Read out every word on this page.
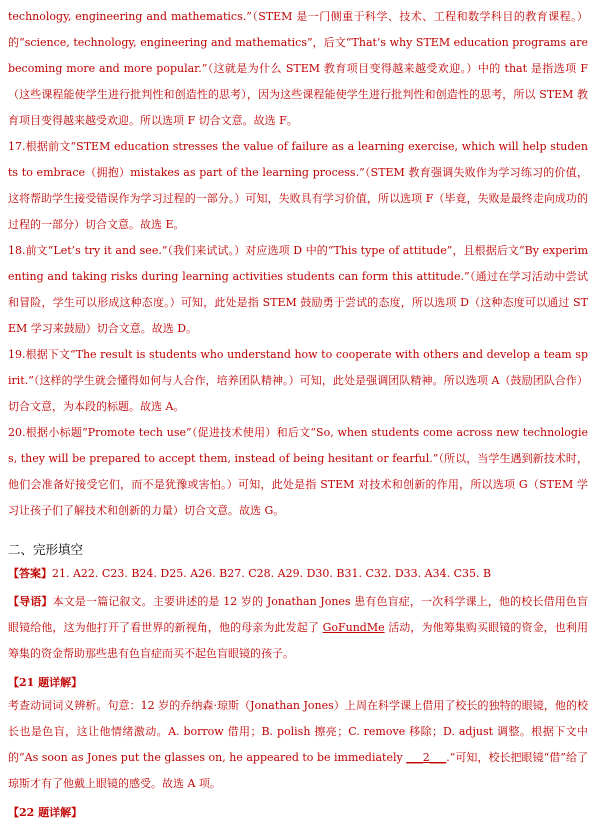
technology, engineering and mathematics.”（STEM 是一门侧重于科学、技术、工程和数学科目的教育课程。）的“science, technology, engineering and mathematics”，后文“That’s why STEM education programs are becoming more and more popular.”（这就是为什么 STEM 教育项目变得越来越受欢迎。）中的 that 是指选项 F（这些课程能使学生进行批判性和创造性的思考），因为这些课程能使学生进行批判性和创造性的思考，所以 STEM 教育项目变得越来越受欢迎。所以选项 F 切合文意。故选 F。
17.根据前文“STEM education stresses the value of failure as a learning exercise, which will help students to embrace（拥抱）mistakes as part of the learning process.”（STEM 教育强调失败作为学习练习的价值，这将帮助学生接受错误作为学习过程的一部分。）可知，失败具有学习价值，所以选项 F（毕竟，失败是最终走向成功的过程的一部分）切合文意。故选 E。
18.前文“Let’s try it and see.”（我们来试试。）对应选项 D 中的“This type of attitude”，且根据后文“By experimenting and taking risks during learning activities students can form this attitude.”（通过在学习活动中尝试和冒险，学生可以形成这种态度。）可知，此处是指 STEM 鼓励勇于尝试的态度，所以选项 D（这种态度可以通过 STEM 学习来鼓励）切合文意。故选 D。
19.根据下文“The result is students who understand how to cooperate with others and develop a team spirit.”（这样的学生就会懂得如何与人合作，培养团队精神。）可知，此处是强调团队精神。所以选项 A（鼓励团队合作）切合文意，为本段的标题。故选 A。
20.根据小标题“Promote tech use”（促进技术使用）和后文“So, when students come across new technologies, they will be prepared to accept them, instead of being hesitant or fearful.”（所以，当学生遇到新技术时，他们会准备好接受它们，而不是犹豫或害怕。）可知，此处是指 STEM 对技术和创新的作用，所以选项 G（STEM 学习让孩子们了解技术和创新的力量）切合文意。故选 G。
二、完形填空
【答案】21. A22. C23. B24. D25. A26. B27. C28. A29. D30. B31. C32. D33. A34. C35. B
【导语】本文是一篇记叙文。主要讲述的是 12 岁的 Jonathan Jones 患有色盲症，一次科学课上，他的校长借用色盲眼镜给他，这为他打开了看世界的新视角，他的母亲为此发起了 GoFundMe 活动，为他筹集购买眼镜的资金，也利用筹集的资金帮助那些患有色盲症而买不起色盲眼镜的孩子。
【21 题详解】
考查动词词义辨析。句意：12 岁的乔纳森·琼斯（Jonathan Jones）上周在科学课上借用了校长的独特的眼镜，他的校长也是色盲，这让他情绪激动。A. borrow 借用；B. polish 擦亮；C. remove 移除；D. adjust 调整。根据下文中的“As soon as Jones put the glasses on, he appeared to be immediately ___2___.”可知，校长把眼镜“借”给了琼斯才有了他戴上眼镜的感受。故选 A 项。
【22 题详解】
